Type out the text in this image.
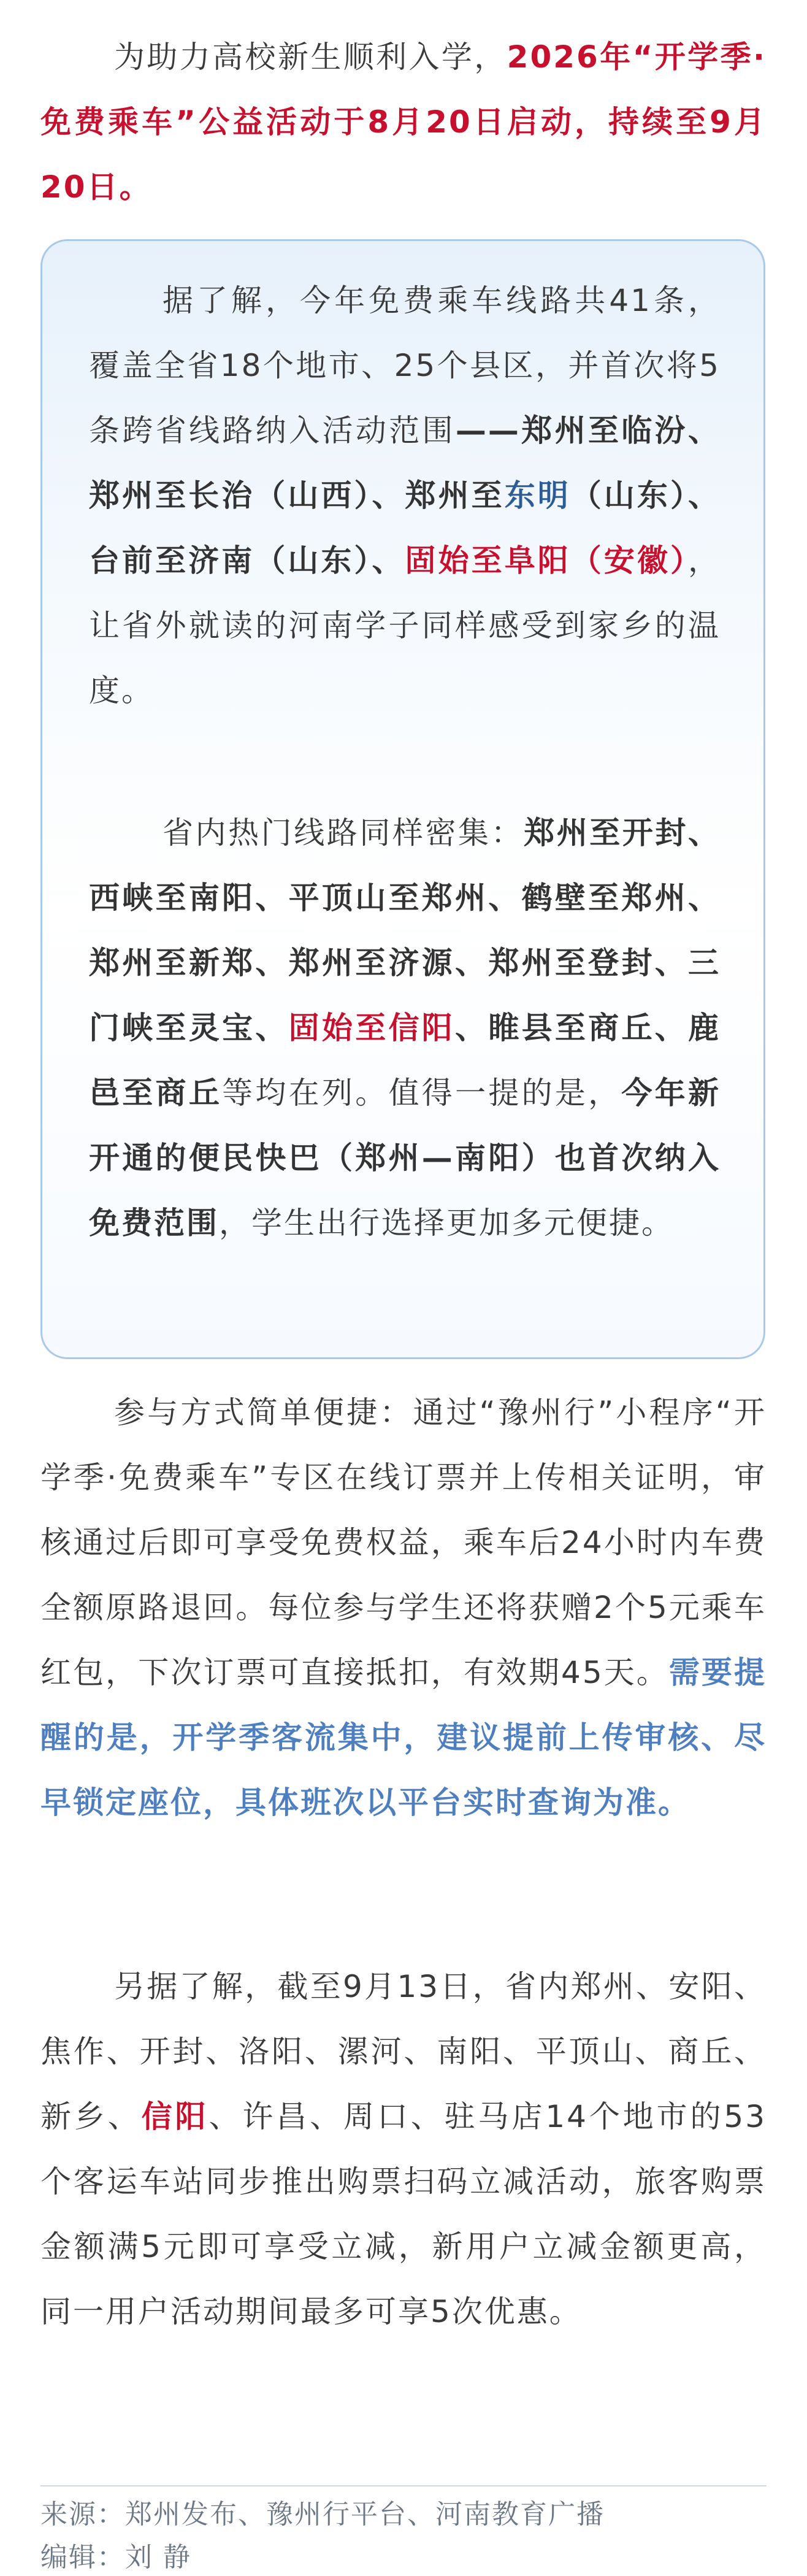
为助力高校新生顺利入学，2026年“开学季·免费乘车”公益活动于8月20日启动，持续至9月20日。

据了解，今年免费乘车线路共41条，覆盖全省18个地市、25个县区，并首次将5条跨省线路纳入活动范围——郑州至临汾、郑州至长治（山西）、郑州至东明（山东）、台前至济南（山东）、固始至阜阳（安徽），让省外就读的河南学子同样感受到家乡的温度。

省内热门线路同样密集：郑州至开封、西峡至南阳、平顶山至郑州、鹤壁至郑州、郑州至新郑、郑州至济源、郑州至登封、三门峡至灵宝、固始至信阳、睢县至商丘、鹿邑至商丘等均在列。值得一提的是，今年新开通的便民快巴（郑州—南阳）也首次纳入免费范围，学生出行选择更加多元便捷。

参与方式简单便捷：通过“豫州行”小程序“开学季·免费乘车”专区在线订票并上传相关证明，审核通过后即可享受免费权益，乘车后24小时内车费全额原路退回。每位参与学生还将获赠2个5元乘车红包，下次订票可直接抵扣，有效期45天。需要提醒的是，开学季客流集中，建议提前上传审核、尽早锁定座位，具体班次以平台实时查询为准。

另据了解，截至9月13日，省内郑州、安阳、焦作、开封、洛阳、漯河、南阳、平顶山、商丘、新乡、信阳、许昌、周口、驻马店14个地市的53个客运车站同步推出购票扫码立减活动，旅客购票金额满5元即可享受立减，新用户立减金额更高，同一用户活动期间最多可享5次优惠。

来源：郑州发布、豫州行平台、河南教育广播
编辑：刘 静
